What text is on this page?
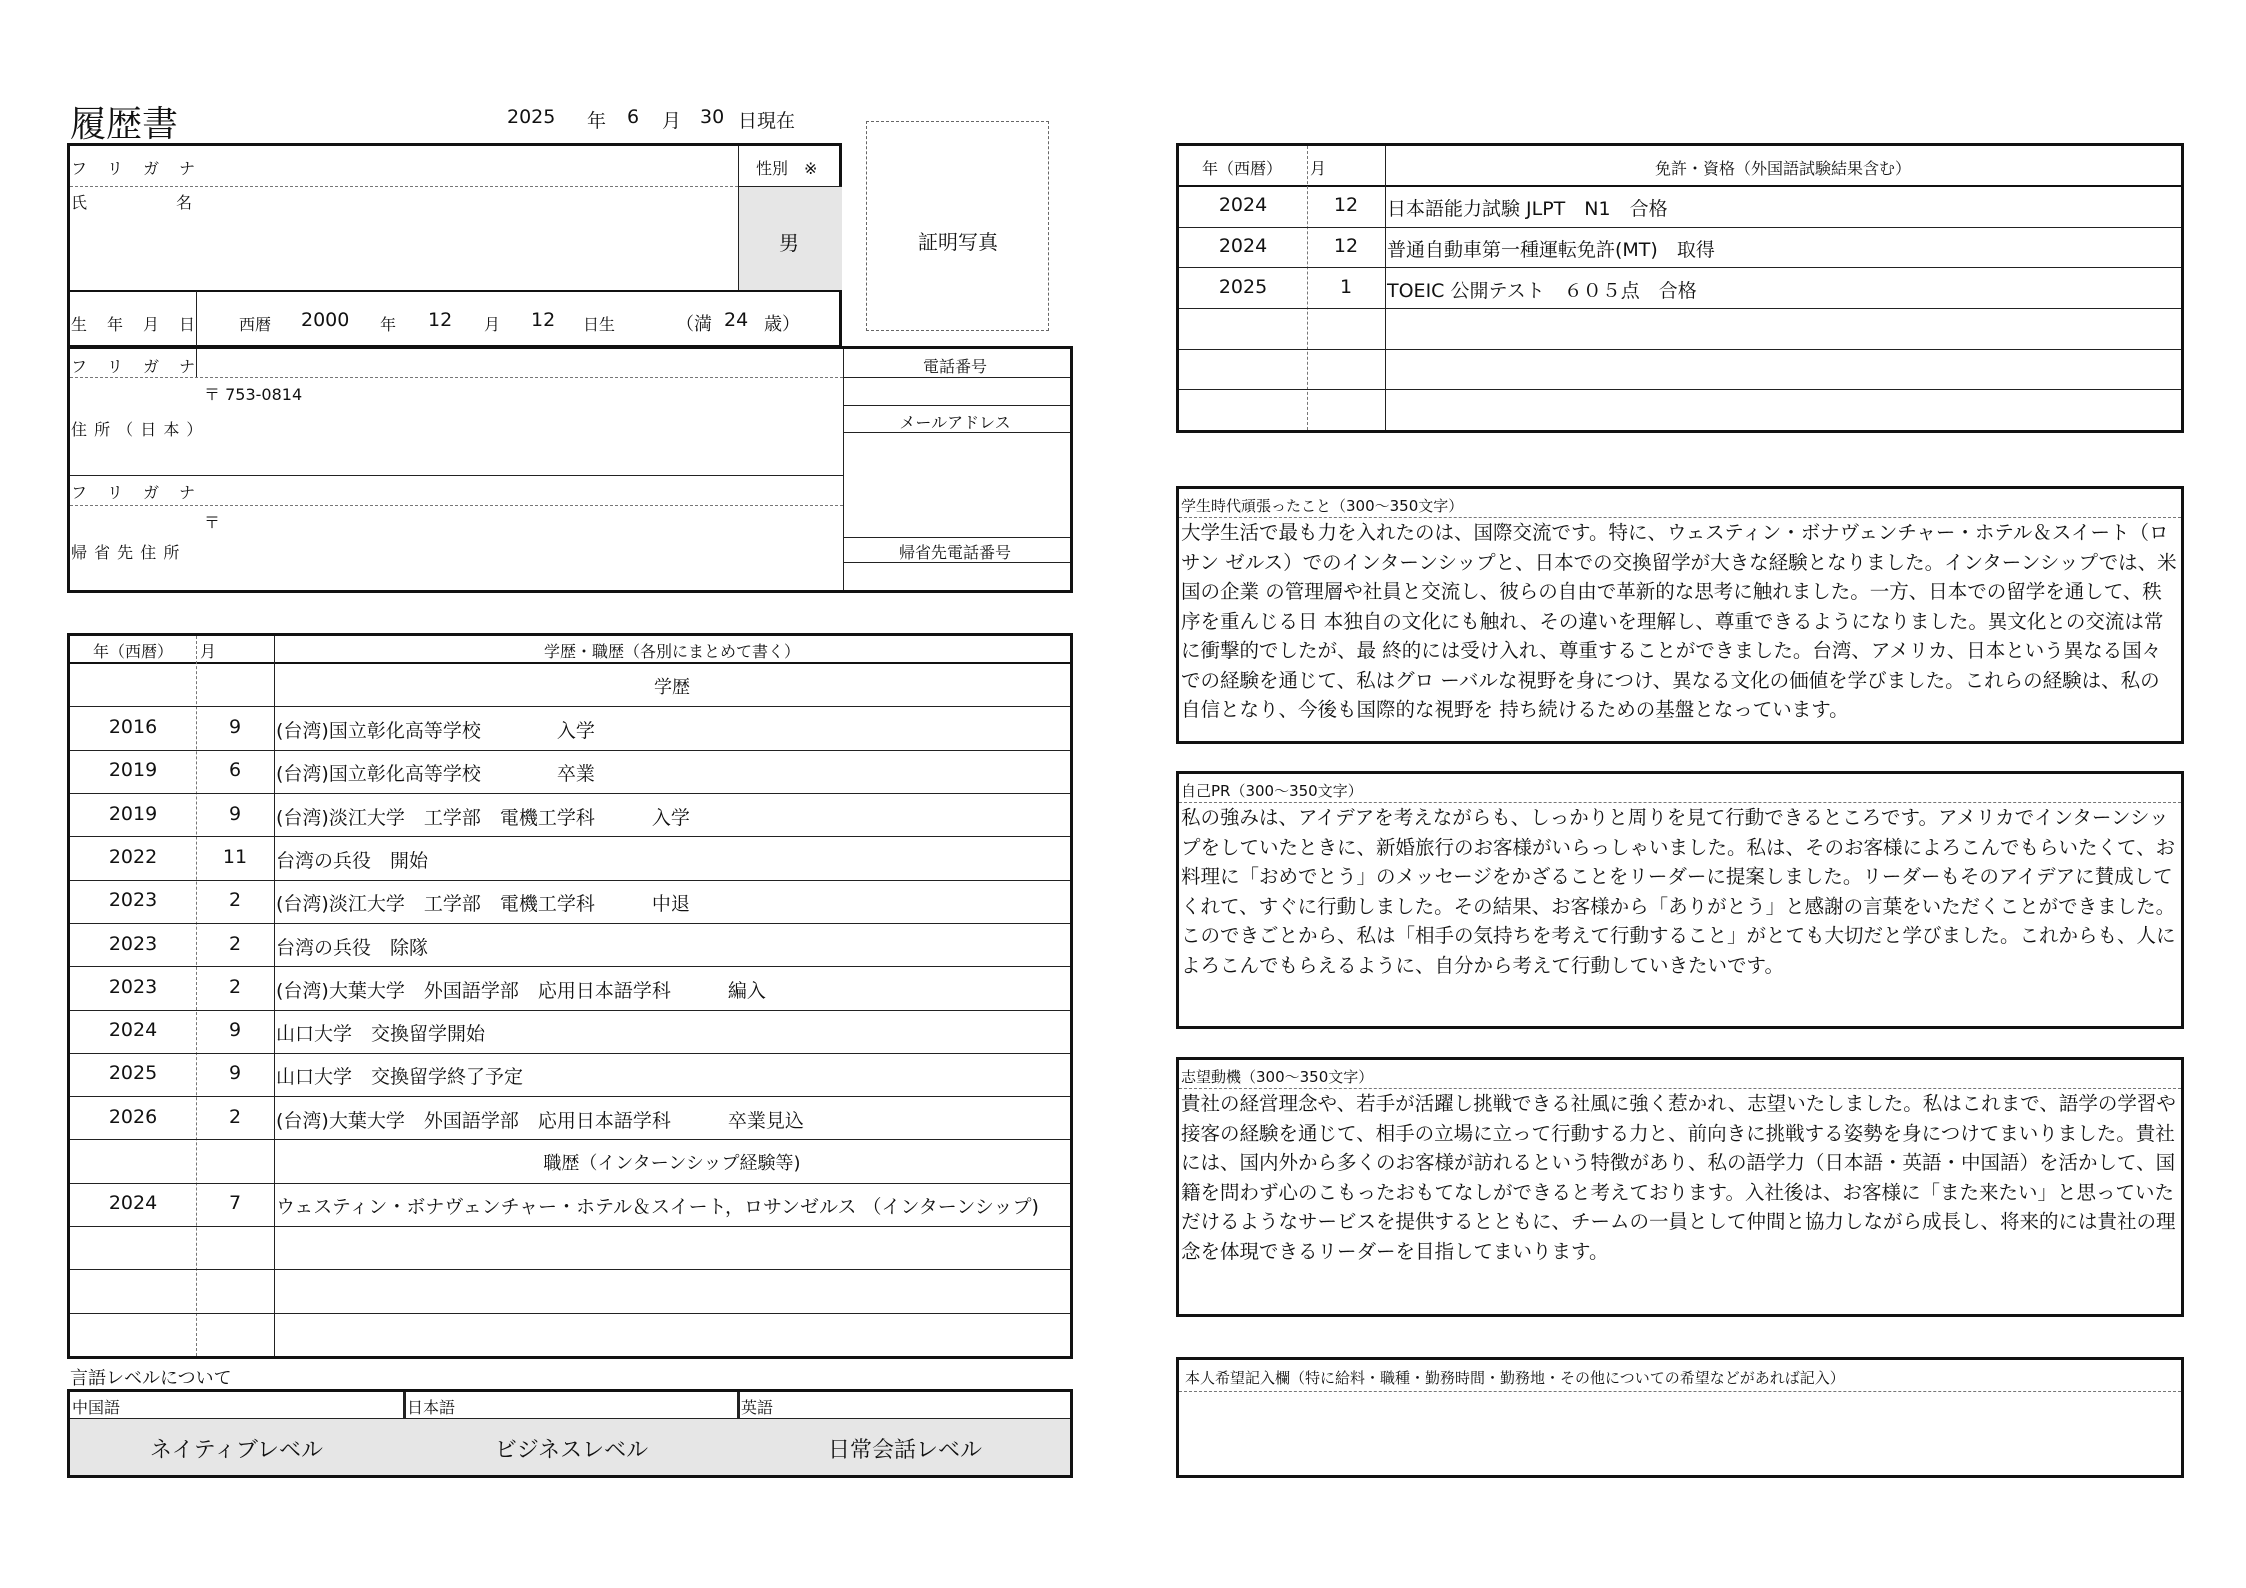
履歴書	2025 年 6 月 30 日現在
フ　リ　ガ　ナ
氏	名
性別　※
男
生　年　月　日	西暦 2000 年 12 月 12 日生	（満 24 歳）
証明写真
フ　リ　ガ　ナ
〒 753-0814
住 所 （ 日 本 ）
フ　リ　ガ　ナ
〒
帰 省 先 住 所
電話番号
メールアドレス
帰省先電話番号
年（西暦）	月	学歴・職歴（各別にまとめて書く）
学歴
2016	9	(台湾)国立彰化高等学校　　　　入学
2019	6	(台湾)国立彰化高等学校　　　　卒業
2019	9	(台湾)淡江大学　工学部　電機工学科　　　入学
2022	11	台湾の兵役　開始
2023	2	(台湾)淡江大学　工学部　電機工学科　　　中退
2023	2	台湾の兵役　除隊
2023	2	(台湾)大葉大学　外国語学部　応用日本語学科　　　編入
2024	9	山口大学　交換留学開始
2025	9	山口大学　交換留学終了予定
2026	2	(台湾)大葉大学　外国語学部　応用日本語学科　　　卒業見込
職歴（インターンシップ経験等)
2024	7	ウェスティン・ボナヴェンチャー・ホテル＆スイート，ロサンゼルス （インターンシップ)
言語レベルについて
中国語	日本語	英語
ネイティブレベル	ビジネスレベル	日常会話レベル
年（西暦）	月	免許・資格（外国語試験結果含む）
2024	12	日本語能力試験 JLPT　N1　合格
2024	12	普通自動車第一種運転免許(MT)　取得
2025	1	TOEIC 公開テスト　６０５点　合格
学生時代頑張ったこと（300〜350文字）
大学生活で最も力を入れたのは、国際交流です。特に、ウェスティン・ボナヴェンチャー・ホテル＆スイート（ロサン ゼルス）でのインターンシップと、日本での交換留学が大きな経験となりました。インターンシップでは、米国の企業 の管理層や社員と交流し、彼らの自由で革新的な思考に触れました。一方、日本での留学を通して、秩序を重んじる日 本独自の文化にも触れ、その違いを理解し、尊重できるようになりました。異文化との交流は常に衝撃的でしたが、最 終的には受け入れ、尊重することができました。台湾、アメリカ、日本という異なる国々での経験を通じて、私はグロ ーバルな視野を身につけ、異なる文化の価値を学びました。これらの経験は、私の自信となり、今後も国際的な視野を 持ち続けるための基盤となっています。
自己PR（300〜350文字）
私の強みは、アイデアを考えながらも、しっかりと周りを見て行動できるところです。アメリカでインターンシップをしていたときに、新婚旅行のお客様がいらっしゃいました。私は、そのお客様によろこんでもらいたくて、お料理に「おめでとう」のメッセージをかざることをリーダーに提案しました。リーダーもそのアイデアに賛成してくれて、すぐに行動しました。その結果、お客様から「ありがとう」と感謝の言葉をいただくことができました。このできごとから、私は「相手の気持ちを考えて行動すること」がとても大切だと学びました。これからも、人によろこんでもらえるように、自分から考えて行動していきたいです。
志望動機（300〜350文字）
貴社の経営理念や、若手が活躍し挑戦できる社風に強く惹かれ、志望いたしました。私はこれまで、語学の学習や接客の経験を通じて、相手の立場に立って行動する力と、前向きに挑戦する姿勢を身につけてまいりました。貴社には、国内外から多くのお客様が訪れるという特徴があり、私の語学力（日本語・英語・中国語）を活かして、国籍を問わず心のこもったおもてなしができると考えております。入社後は、お客様に「また来たい」と思っていただけるようなサービスを提供するとともに、チームの一員として仲間と協力しながら成長し、将来的には貴社の理念を体現できるリーダーを目指してまいります。
本人希望記入欄（特に給料・職種・勤務時間・勤務地・その他についての希望などがあれば記入）
